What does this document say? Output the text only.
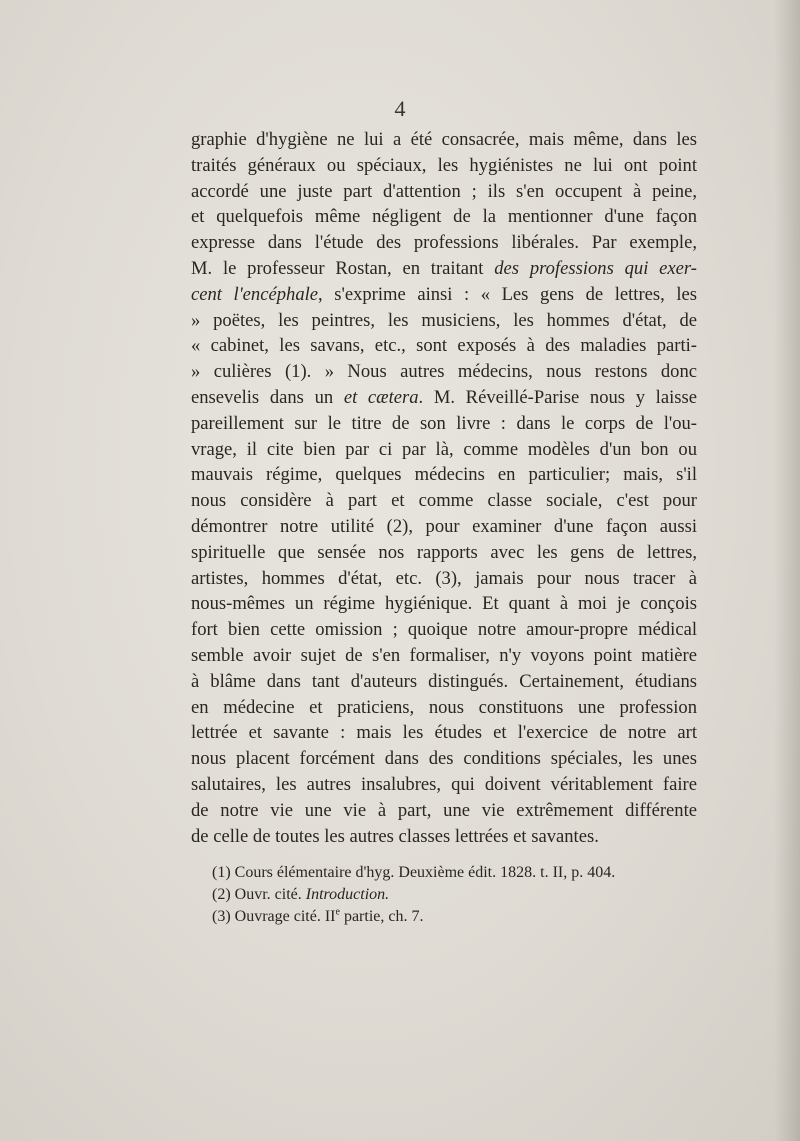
4
graphie d'hygiène ne lui a été consacrée, mais même, dans les
traités généraux ou spéciaux, les hygiénistes ne lui ont point
accordé une juste part d'attention ; ils s'en occupent à peine,
et quelquefois même négligent de la mentionner d'une façon
expresse dans l'étude des professions libérales. Par exemple,
M. le professeur Rostan, en traitant des professions qui exer-
cent l'encéphale, s'exprime ainsi : « Les gens de lettres, les
» poëtes, les peintres, les musiciens, les hommes d'état, de
« cabinet, les savans, etc., sont exposés à des maladies parti-
» culières (1). » Nous autres médecins, nous restons donc
ensevelis dans un et cætera. M. Réveillé-Parise nous y laisse
pareillement sur le titre de son livre : dans le corps de l'ou-
vrage, il cite bien par ci par là, comme modèles d'un bon ou
mauvais régime, quelques médecins en particulier; mais, s'il
nous considère à part et comme classe sociale, c'est pour
démontrer notre utilité (2), pour examiner d'une façon aussi
spirituelle que sensée nos rapports avec les gens de lettres,
artistes, hommes d'état, etc. (3), jamais pour nous tracer à
nous-mêmes un régime hygiénique. Et quant à moi je conçois
fort bien cette omission ; quoique notre amour-propre médical
semble avoir sujet de s'en formaliser, n'y voyons point matière
à blâme dans tant d'auteurs distingués. Certainement, étudians
en médecine et praticiens, nous constituons une profession
lettrée et savante : mais les études et l'exercice de notre art
nous placent forcément dans des conditions spéciales, les unes
salutaires, les autres insalubres, qui doivent véritablement faire
de notre vie une vie à part, une vie extrêmement différente
de celle de toutes les autres classes lettrées et savantes.
(1) Cours élémentaire d'hyg. Deuxième édit. 1828. t. II, p. 404.
(2) Ouvr. cité. Introduction.
(3) Ouvrage cité. IIe partie, ch. 7.
